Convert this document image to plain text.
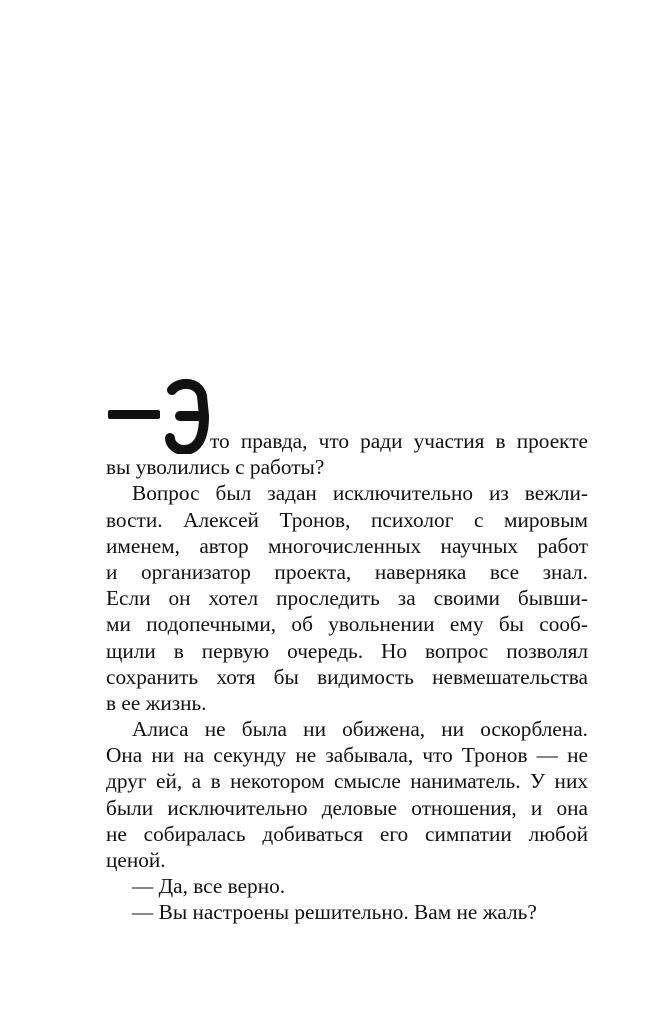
то правда, что ради участия в проекте
вы уволились с работы?
Вопрос был задан исключительно из вежли-
вости. Алексей Тронов, психолог с мировым
именем, автор многочисленных научных работ
и организатор проекта, наверняка все знал.
Если он хотел проследить за своими бывши-
ми подопечными, об увольнении ему бы сооб-
щили в первую очередь. Но вопрос позволял
сохранить хотя бы видимость невмешательства
в ее жизнь.
Алиса не была ни обижена, ни оскорблена.
Она ни на секунду не забывала, что Тронов — не
друг ей, а в некотором смысле наниматель. У них
были исключительно деловые отношения, и она
не собиралась добиваться его симпатии любой
ценой.
— Да, все верно.
— Вы настроены решительно. Вам не жаль?
